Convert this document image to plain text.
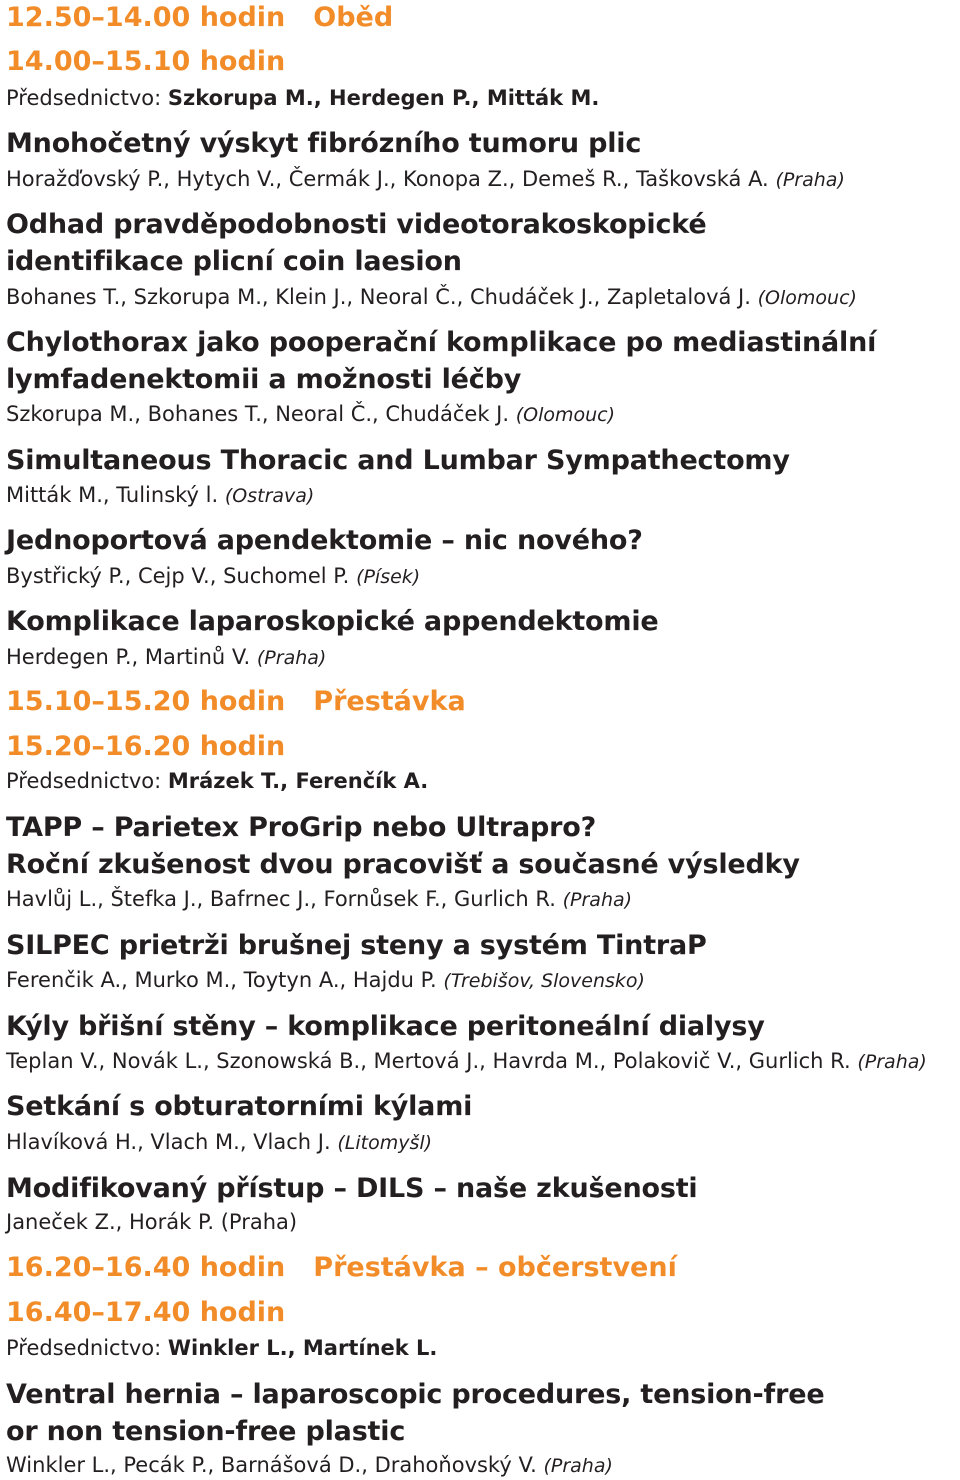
12.50–14.00 hodin Oběd
14.00–15.10 hodin
Předsednictvo: Szkorupa M., Herdegen P., Mitták M.
Mnohočetný výskyt fibrózního tumoru plic
Horažďovský P., Hytych V., Čermák J., Konopa Z., Demeš R., Taškovská A. (Praha)
Odhad pravděpodobnosti videotorakoskopické
identifikace plicní coin laesion
Bohanes T., Szkorupa M., Klein J., Neoral Č., Chudáček J., Zapletalová J. (Olomouc)
Chylothorax jako pooperační komplikace po mediastinální
lymfadenektomii a možnosti léčby
Szkorupa M., Bohanes T., Neoral Č., Chudáček J. (Olomouc)
Simultaneous Thoracic and Lumbar Sympathectomy
Mitták M., Tulinský l. (Ostrava)
Jednoportová apendektomie – nic nového?
Bystřický P., Cejp V., Suchomel P. (Písek)
Komplikace laparoskopické appendektomie
Herdegen P., Martinů V. (Praha)
15.10–15.20 hodin Přestávka
15.20–16.20 hodin
Předsednictvo: Mrázek T., Ferenčík A.
TAPP – Parietex ProGrip nebo Ultrapro?
Roční zkušenost dvou pracovišť a současné výsledky
Havlůj L., Štefka J., Bafrnec J., Fornůsek F., Gurlich R. (Praha)
SILPEC prietrži brušnej steny a systém TintraP
Ferenčik A., Murko M., Toytyn A., Hajdu P. (Trebišov, Slovensko)
Kýly břišní stěny – komplikace peritoneální dialysy
Teplan V., Novák L., Szonowská B., Mertová J., Havrda M., Polakovič V., Gurlich R. (Praha)
Setkání s obturatorními kýlami
Hlavíková H., Vlach M., Vlach J. (Litomyšl)
Modifikovaný přístup – DILS – naše zkušenosti
Janeček Z., Horák P. (Praha)
16.20–16.40 hodin Přestávka – občerstvení
16.40–17.40 hodin
Předsednictvo: Winkler L., Martínek L.
Ventral hernia – laparoscopic procedures, tension-free
or non tension-free plastic
Winkler L., Pecák P., Barnášová D., Drahoňovský V. (Praha)
